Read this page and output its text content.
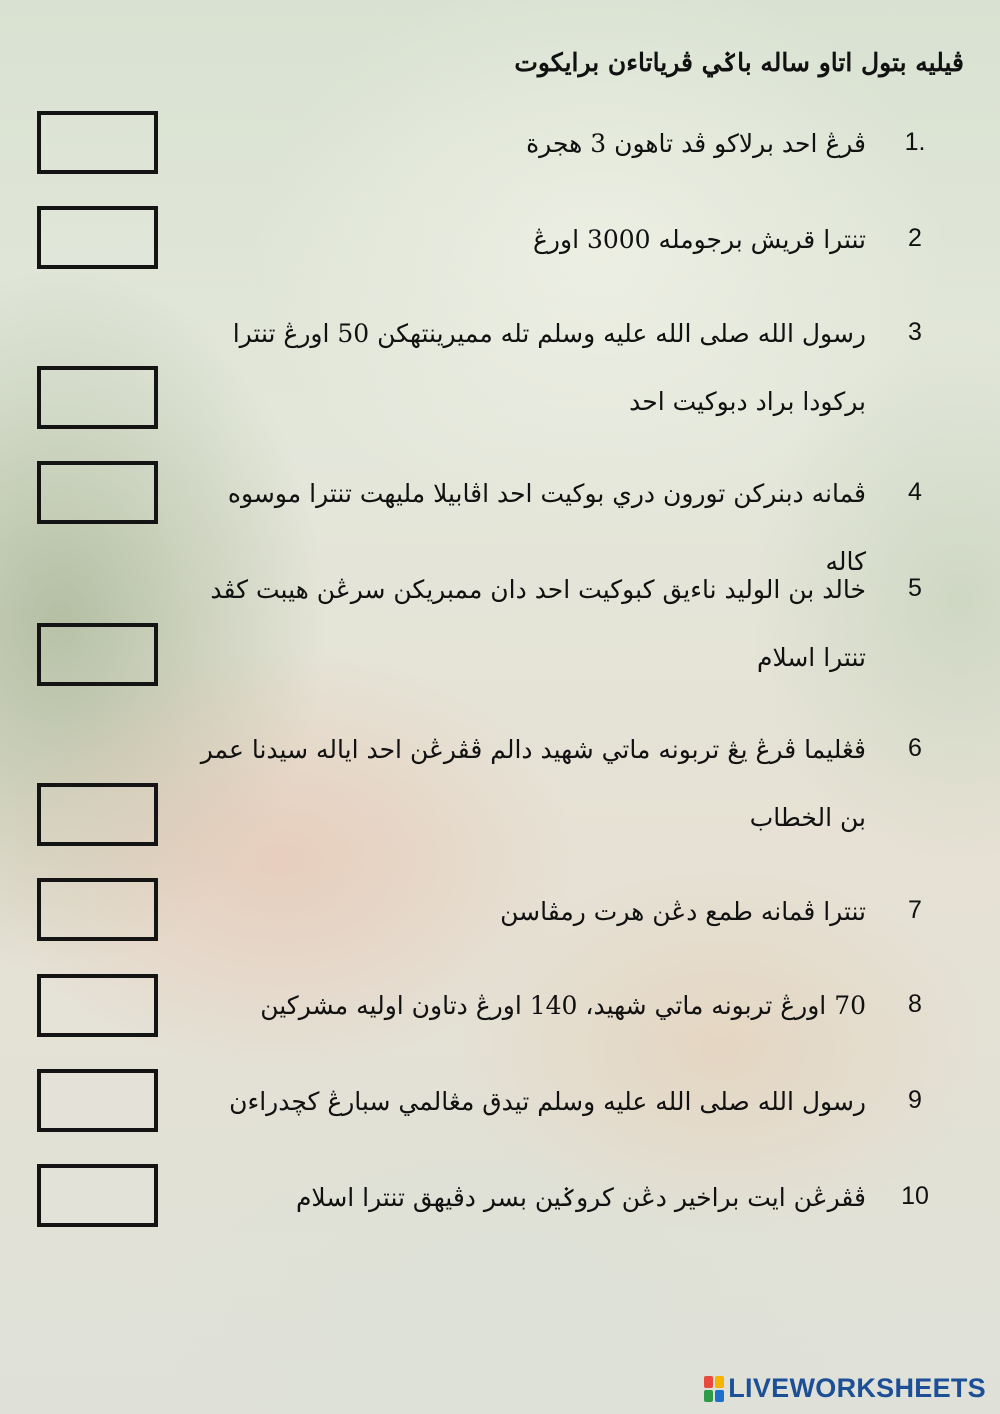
ڤيليه بتول اتاو ساله باݢي ڤرياتاءن برايكوت
1.
ڤرڠ احد برلاكو ڤد تاهون 3 هجرة
2
تنترا قريش برجومله 3000 اورڠ
3
رسول الله صلى الله عليه وسلم تله مميرينتهكن 50 اورڠ تنترا بركودا براد دبوكيت احد
4
ڤمانه دبنركن تورون دري بوكيت احد اڤابيلا مليهت تنترا موسوه كاله
5
خالد بن الوليد ناءيق كبوكيت احد دان ممبريكن سرڠن هيبت كڤد تنترا اسلام
6
ڤڠليما ڤرڠ يڠ تربونه ماتي شهيد دالم ڤڤرڠن احد اياله سيدنا عمر بن الخطاب
7
تنترا ڤمانه طمع دڠن هرت رمڤاسن
8
70 اورڠ تربونه ماتي شهيد، 140 اورڠ دتاون اوليه مشركين
9
رسول الله صلى الله عليه وسلم تيدق مڠالمي سبارڠ كچدراءن
10
ڤڤرڠن ايت براخير دڠن كروݢين بسر دڤيهق تنترا اسلام
LIVEWORKSHEETS
